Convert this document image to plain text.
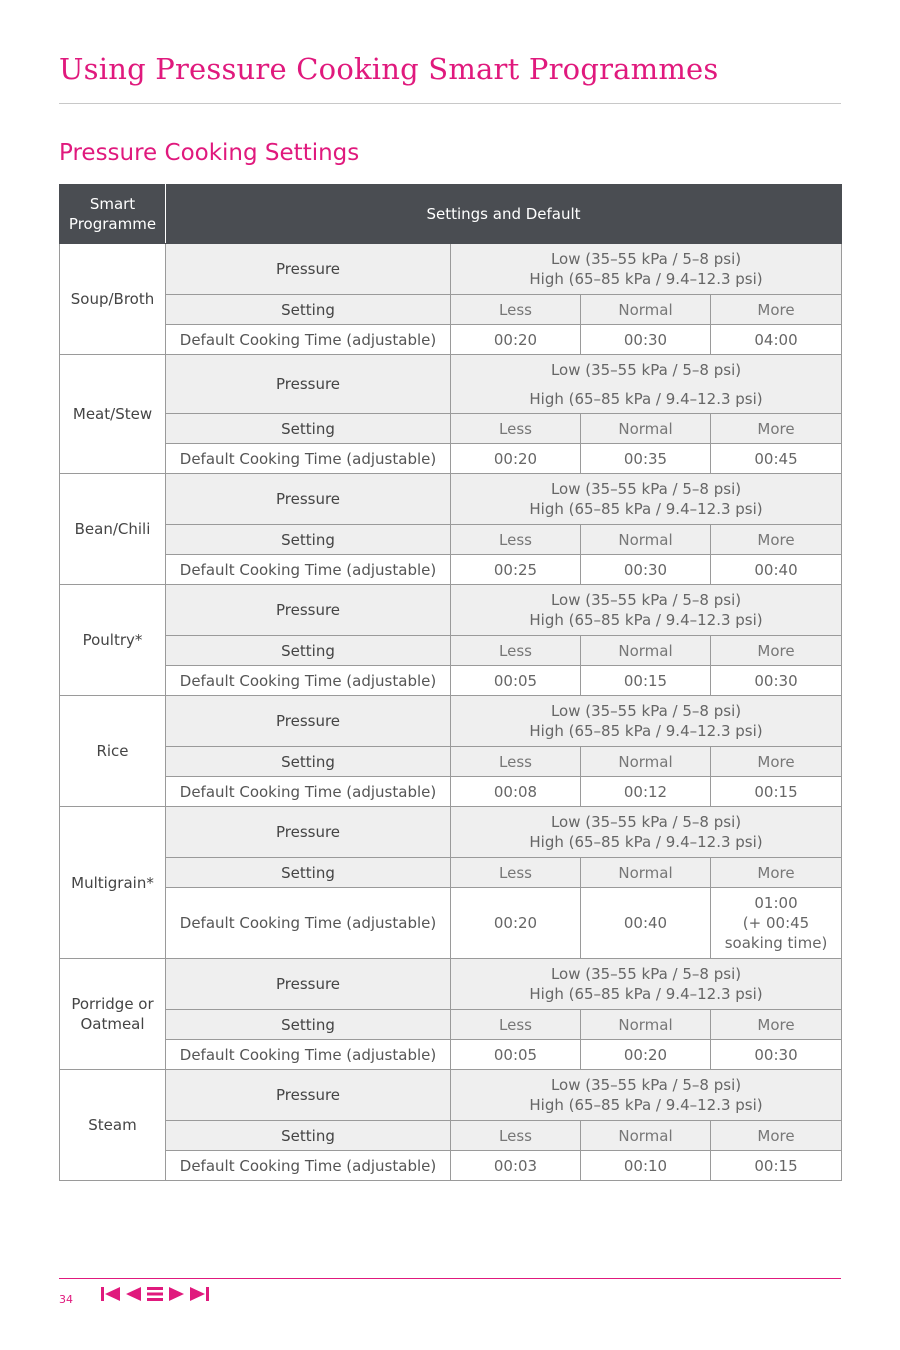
Using Pressure Cooking Smart Programmes
Pressure Cooking Settings
Smart Programme	Settings and Default			
Soup/Broth	Pressure	Low (35–55 kPa / 5–8 psi)
High (65–85 kPa / 9.4–12.3 psi)		

	Setting	Less	Normal	More
	Default Cooking Time (adjustable)	00:20	00:30	04:00
Meat/Stew	Pressure	Low (35–55 kPa / 5–8 psi)
High (65–85 kPa / 9.4–12.3 psi)		

	Setting	Less	Normal	More
	Default Cooking Time (adjustable)	00:20	00:35	00:45
Bean/Chili	Pressure	Low (35–55 kPa / 5–8 psi)
High (65–85 kPa / 9.4–12.3 psi)		

	Setting	Less	Normal	More
	Default Cooking Time (adjustable)	00:25	00:30	00:40
Poultry*	Pressure	Low (35–55 kPa / 5–8 psi)
High (65–85 kPa / 9.4–12.3 psi)		

	Setting	Less	Normal	More
	Default Cooking Time (adjustable)	00:05	00:15	00:30
Rice	Pressure	Low (35–55 kPa / 5–8 psi)
High (65–85 kPa / 9.4–12.3 psi)		

	Setting	Less	Normal	More
	Default Cooking Time (adjustable)	00:08	00:12	00:15
Multigrain*	Pressure	Low (35–55 kPa / 5–8 psi)
High (65–85 kPa / 9.4–12.3 psi)		

	Setting	Less	Normal	More
	Default Cooking Time (adjustable)	00:20	00:40	01:00
(+ 00:45
soaking time)

Porridge or Oatmeal	Pressure	Low (35–55 kPa / 5–8 psi)
High (65–85 kPa / 9.4–12.3 psi)		

	Setting	Less	Normal	More
	Default Cooking Time (adjustable)	00:05	00:20	00:30
Steam	Pressure	Low (35–55 kPa / 5–8 psi)
High (65–85 kPa / 9.4–12.3 psi)		

	Setting	Less	Normal	More
	Default Cooking Time (adjustable)	00:03	00:10	00:15
34
